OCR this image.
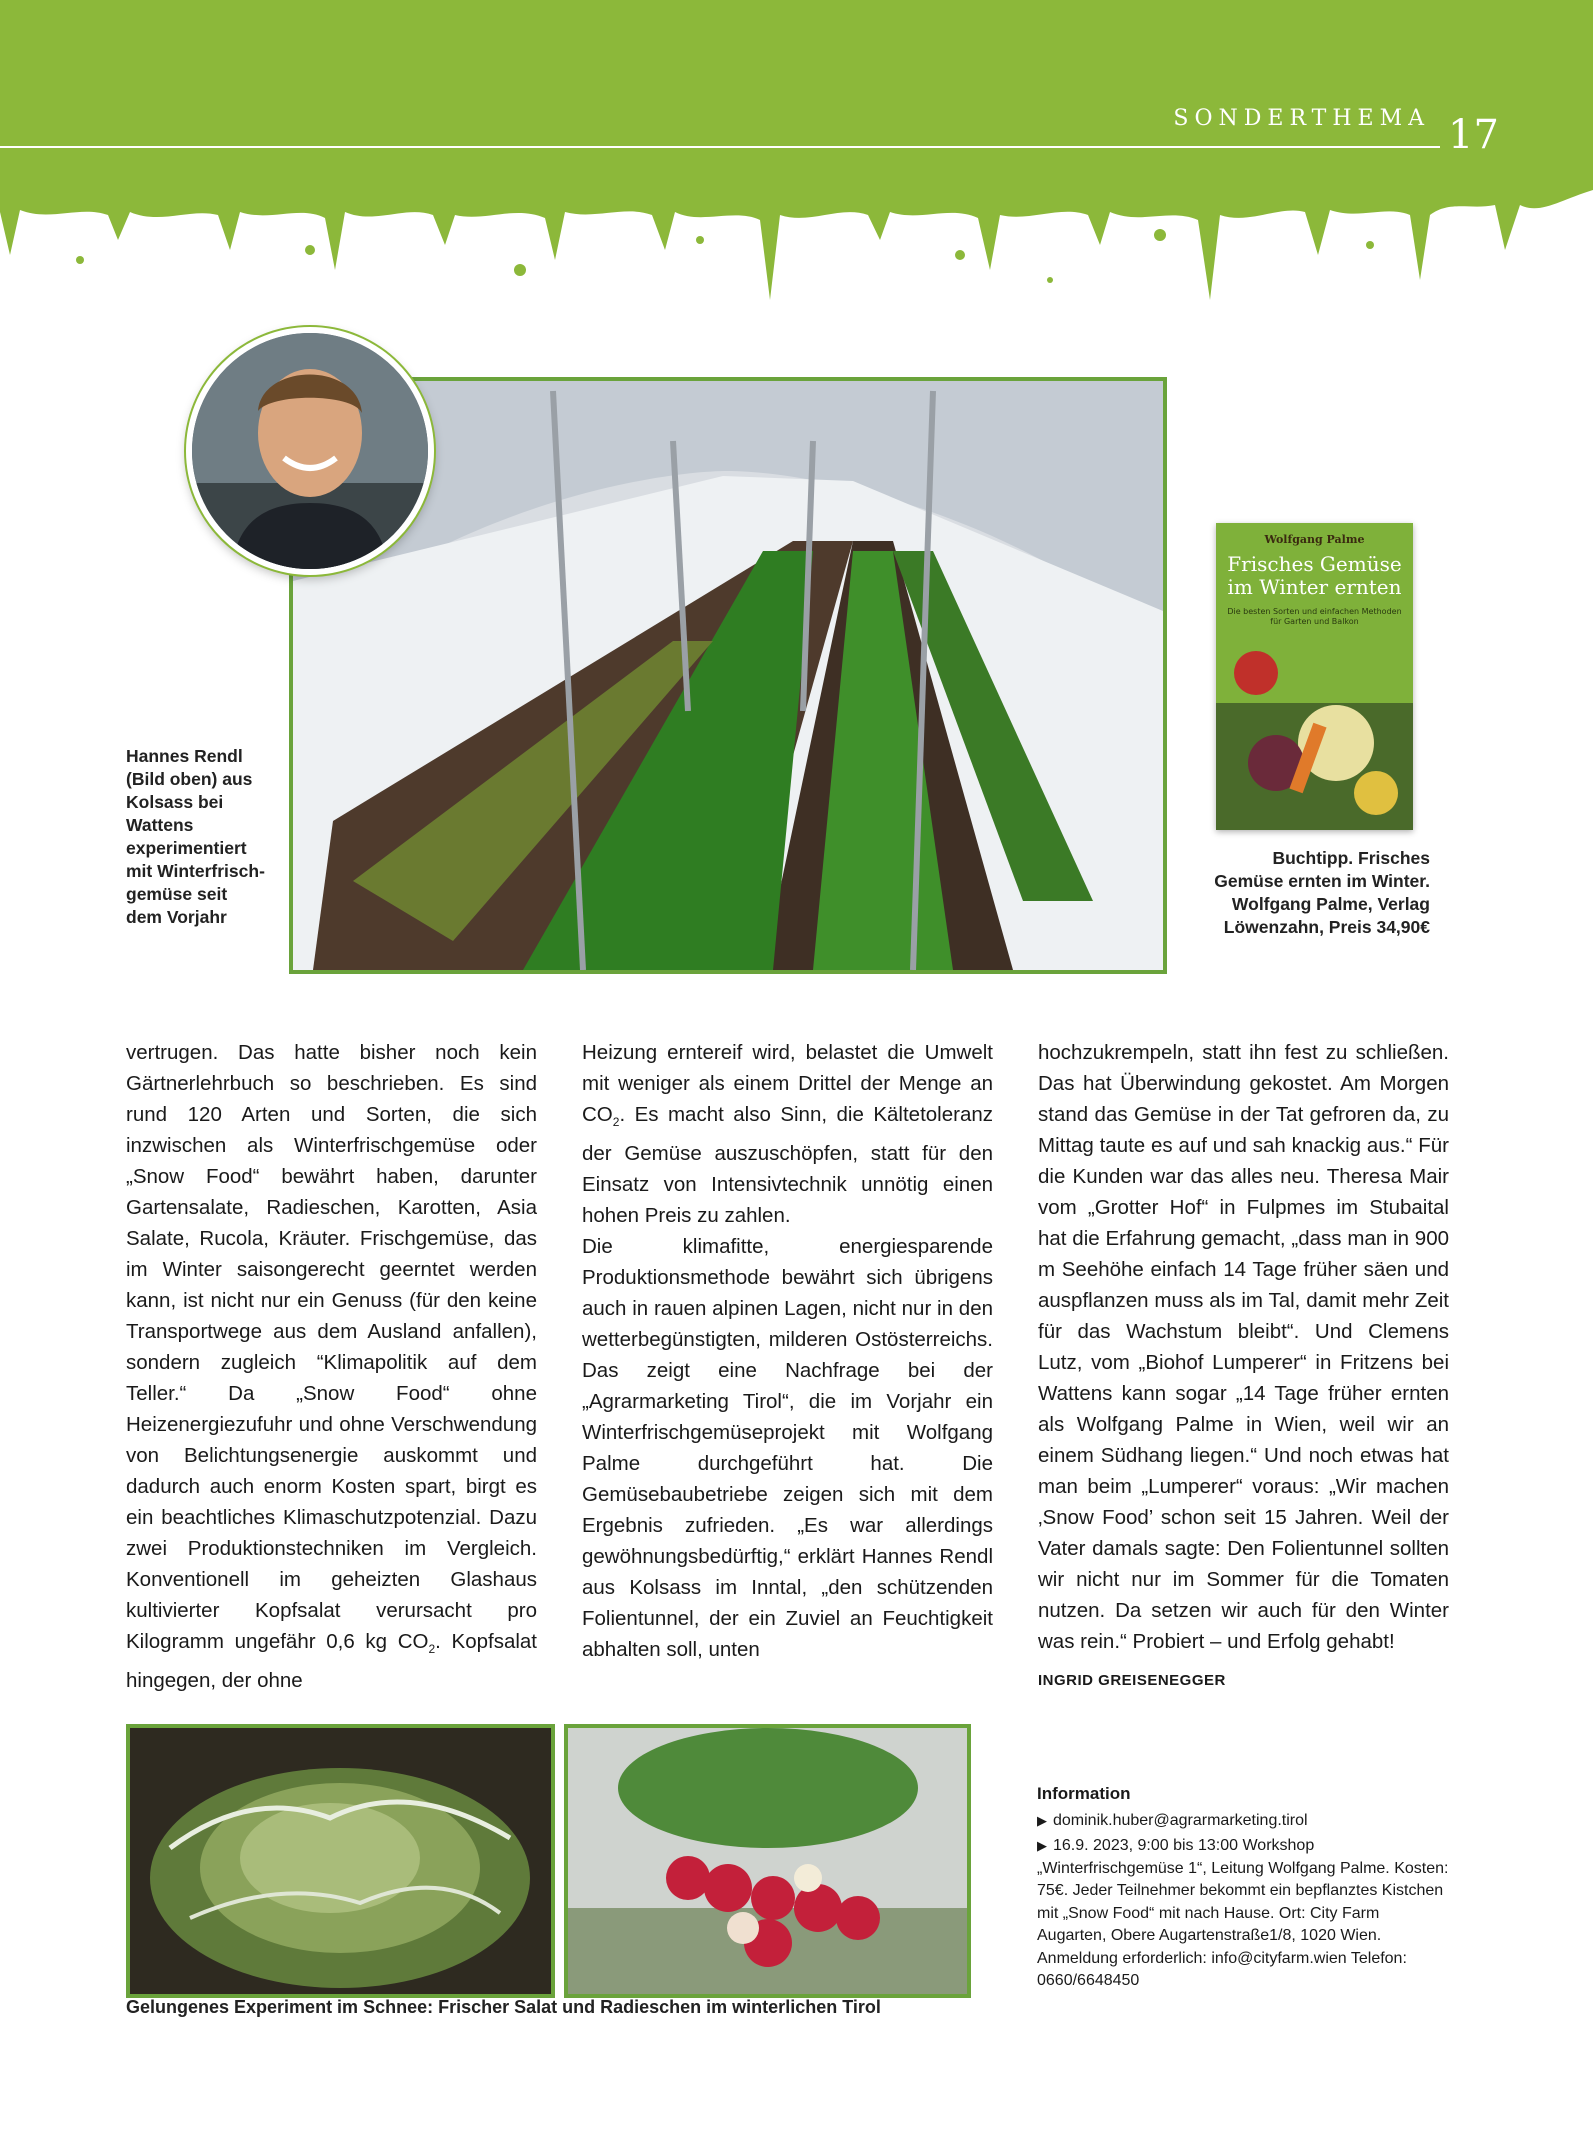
SONDERTHEMA 17
Hannes Rendl (Bild oben) aus Kolsass bei Wattens experimentiert mit Winterfrischgemüse seit dem Vorjahr
Wolfgang Palme
Frisches Gemüse
im Winter ernten
Die besten Sorten und einfachen Methoden für Garten und Balkon
Buchtipp. Frisches Gemüse ernten im Winter. Wolfgang Palme, Verlag Löwenzahn, Preis 34,90€

vertrugen. Das hatte bisher noch kein Gärtnerlehrbuch so beschrieben. Es sind rund 120 Arten und Sorten, die sich inzwischen als Winterfrischgemüse oder „Snow Food“ bewährt haben, darunter Gartensalate, Radieschen, Karotten, Asia Salate, Rucola, Kräuter. Frischgemüse, das im Winter saisongerecht geerntet werden kann, ist nicht nur ein Genuss (für den keine Transportwege aus dem Ausland anfallen), sondern zugleich “Klimapolitik auf dem Teller.“ Da „Snow Food“ ohne Heizenergiezufuhr und ohne Verschwendung von Belichtungsenergie auskommt und dadurch auch enorm Kosten spart, birgt es ein beachtliches Klimaschutzpotenzial. Dazu zwei Produktionstechniken im Vergleich. Konventionell im geheizten Glashaus kultivierter Kopfsalat verursacht pro Kilogramm ungefähr 0,6 kg $CO_2$. Kopfsalat hingegen, der ohne

Heizung erntereif wird, belastet die Umwelt mit weniger als einem Drittel der Menge an $CO_2$. Es macht also Sinn, die Kältetoleranz der Gemüse auszuschöpfen, statt für den Einsatz von Intensivtechnik unnötig einen hohen Preis zu zahlen.

Die klimafitte, energiesparende Produktionsmethode bewährt sich übrigens auch in rauen alpinen Lagen, nicht nur in den wetterbegünstigten, milderen Ostösterreichs. Das zeigt eine Nachfrage bei der „Agrarmarketing Tirol“, die im Vorjahr ein Winterfrischgemüseprojekt mit Wolfgang Palme durchgeführt hat. Die Gemüsebaubetriebe zeigen sich mit dem Ergebnis zufrieden. „Es war allerdings gewöhnungsbedürftig,“ erklärt Hannes Rendl aus Kolsass im Inntal, „den schützenden Folientunnel, der ein Zuviel an Feuchtigkeit abhalten soll, unten

hochzukrempeln, statt ihn fest zu schließen. Das hat Überwindung gekostet. Am Morgen stand das Gemüse in der Tat gefroren da, zu Mittag taute es auf und sah knackig aus.“ Für die Kunden war das alles neu. Theresa Mair vom „Grotter Hof“ in Fulpmes im Stubaital hat die Erfahrung gemacht, „dass man in 900 m Seehöhe einfach 14 Tage früher säen und auspflanzen muss als im Tal, damit mehr Zeit für das Wachstum bleibt“. Und Clemens Lutz, vom „Biohof Lumperer“ in Fritzens bei Wattens kann sogar „14 Tage früher ernten als Wolfgang Palme in Wien, weil wir an einem Südhang liegen.“ Und noch etwas hat man beim „Lumperer“ voraus: „Wir machen ‚Snow Food’ schon seit 15 Jahren. Weil der Vater damals sagte: Den Folientunnel sollten wir nicht nur im Sommer für die Tomaten nutzen. Da setzen wir auch für den Winter was rein.“ Probiert – und Erfolg gehabt!

INGRID GREISENEGGER

Gelungenes Experiment im Schnee: Frischer Salat und Radieschen im winterlichen Tirol
Information

▶ dominik.huber@agrarmarketing.tirol

▶ 16.9. 2023, 9:00 bis 13:00 Workshop „Winterfrischgemüse 1“, Leitung Wolfgang Palme. Kosten: 75€. Jeder Teilnehmer bekommt ein bepflanztes Kistchen mit „Snow Food“ mit nach Hause. Ort: City Farm Augarten, Obere Augartenstraße1/8, 1020 Wien. Anmeldung erforderlich: info@cityfarm.wien Telefon: 0660/6648450
